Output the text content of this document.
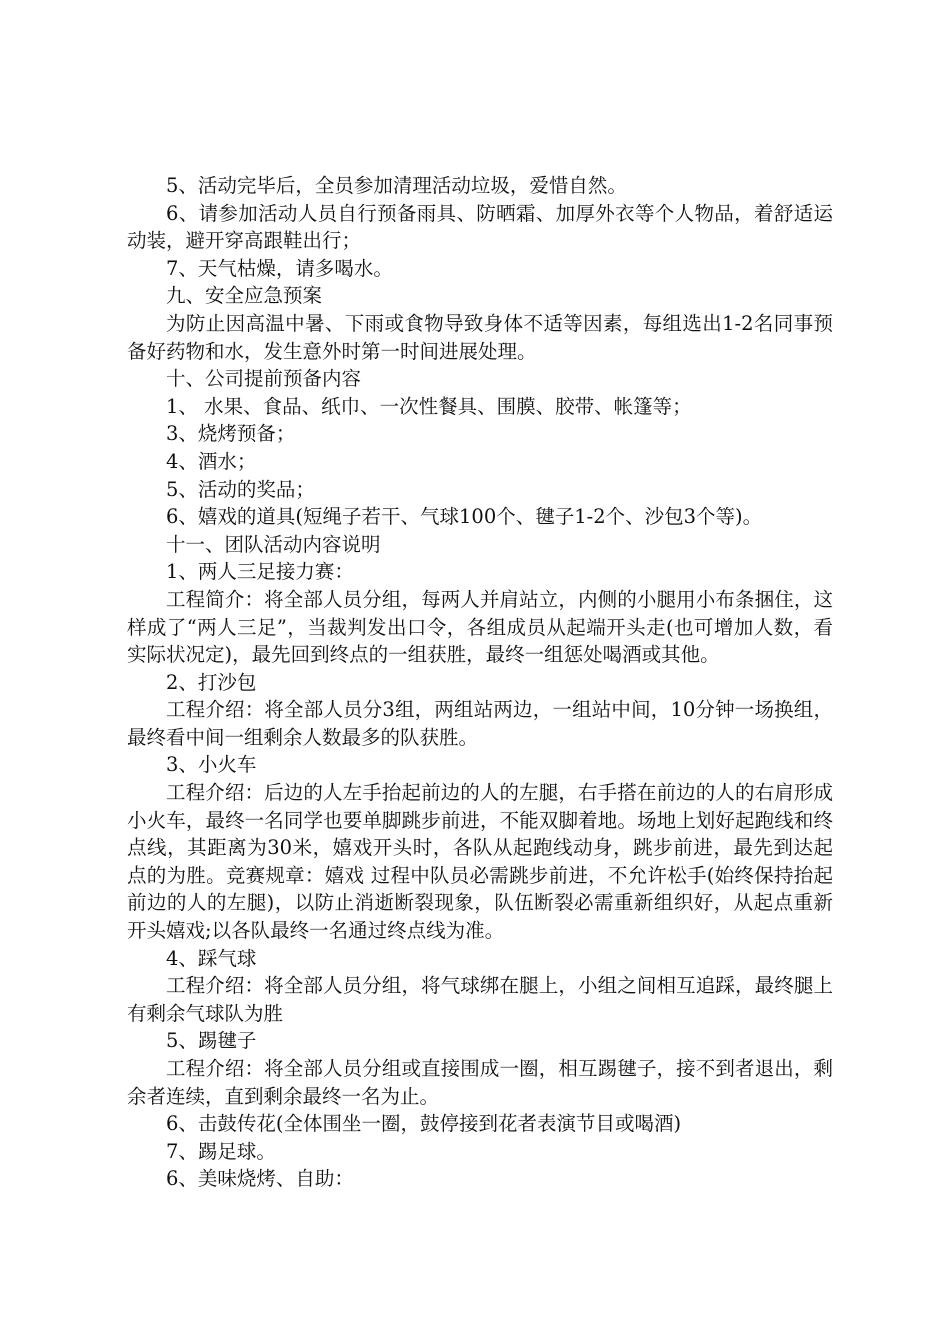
5、活动完毕后，全员参加清理活动垃圾，爱惜自然。

6、请参加活动人员自行预备雨具、防晒霜、加厚外衣等个人物品，着舒适运动装，避开穿高跟鞋出行；

7、天气枯燥，请多喝水。

九、安全应急预案

为防止因高温中暑、下雨或食物导致身体不适等因素，每组选出1-2名同事预备好药物和水，发生意外时第一时间进展处理。

十、公司提前预备内容

1、 水果、食品、纸巾、一次性餐具、围膜、胶带、帐篷等；

3、烧烤预备；

4、酒水；

5、活动的奖品；

6、嬉戏的道具(短绳子若干、气球100个、毽子1-2个、沙包3个等)。

十一、团队活动内容说明

1、两人三足接力赛：

工程简介：将全部人员分组，每两人并肩站立，内侧的小腿用小布条捆住，这样成了“两人三足”，当裁判发出口令，各组成员从起端开头走(也可增加人数，看实际状况定)，最先回到终点的一组获胜，最终一组惩处喝酒或其他。

2、打沙包

工程介绍：将全部人员分3组，两组站两边，一组站中间，10分钟一场换组，最终看中间一组剩余人数最多的队获胜。

3、小火车

工程介绍：后边的人左手抬起前边的人的左腿，右手搭在前边的人的右肩形成小火车，最终一名同学也要单脚跳步前进，不能双脚着地。场地上划好起跑线和终点线，其距离为30米，嬉戏开头时，各队从起跑线动身，跳步前进，最先到达起点的为胜。竞赛规章：嬉戏 过程中队员必需跳步前进，不允许松手(始终保持抬起前边的人的左腿)，以防止消逝断裂现象，队伍断裂必需重新组织好，从起点重新开头嬉戏;以各队最终一名通过终点线为准。

4、踩气球

工程介绍：将全部人员分组，将气球绑在腿上，小组之间相互追踩，最终腿上有剩余气球队为胜

5、踢毽子

工程介绍：将全部人员分组或直接围成一圈，相互踢毽子，接不到者退出，剩余者连续，直到剩余最终一名为止。

6、击鼓传花(全体围坐一圈，鼓停接到花者表演节目或喝酒)

7、踢足球。

6、美味烧烤、自助：
